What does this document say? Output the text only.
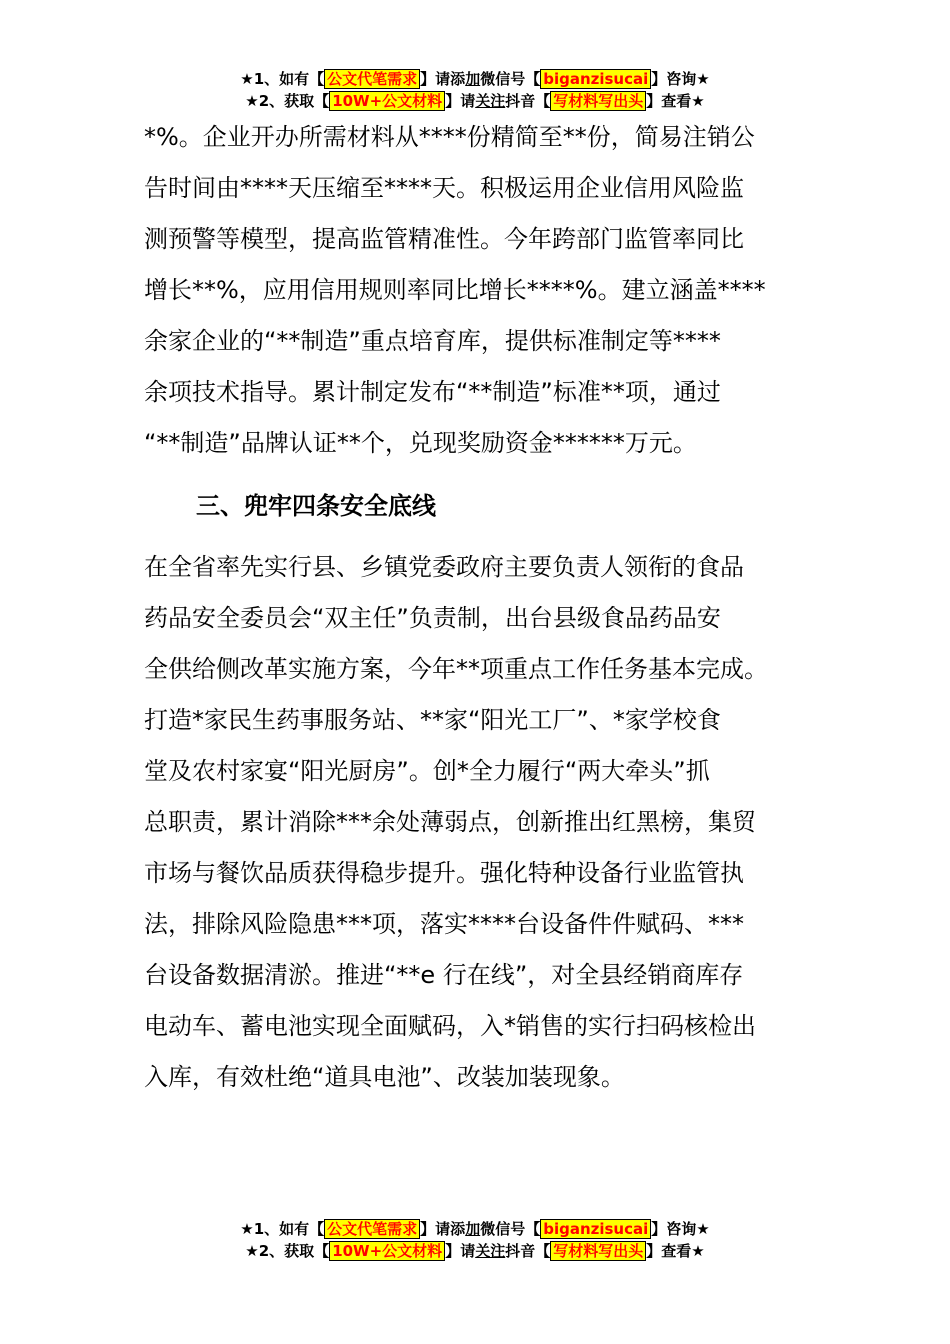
★1、如有【 公文代笔需求 】请添加微信号【 biganzisucai 】咨询★
★2、获取【 10W+公文材料 】请关注抖音【 写材料写出头 】查看★

*%。企业开办所需材料从****份精简至**份，简易注销公

告时间由****天压缩至****天。积极运用企业信用风险监

测预警等模型，提高监管精准性。今年跨部门监管率同比

增长**%，应用信用规则率同比增长****%。建立涵盖****

余家企业的“**制造”重点培育库，提供标准制定等****

余项技术指导。累计制定发布“**制造”标准**项，通过

“**制造”品牌认证**个，兑现奖励资金******万元。

三、兜牢四条安全底线

在全省率先实行县、乡镇党委政府主要负责人领衔的食品

药品安全委员会“双主任”负责制，出台县级食品药品安

全供给侧改革实施方案，今年**项重点工作任务基本完成。

打造*家民生药事服务站、**家“阳光工厂”、*家学校食

堂及农村家宴“阳光厨房”。创*全力履行“两大牵头”抓

总职责，累计消除***余处薄弱点，创新推出红黑榜，集贸

市场与餐饮品质获得稳步提升。强化特种设备行业监管执

法，排除风险隐患***项，落实****台设备件件赋码、***

台设备数据清淤。推进“**e 行在线”，对全县经销商库存

电动车、蓄电池实现全面赋码，入*销售的实行扫码核检出

入库，有效杜绝“道具电池”、改装加装现象。

★1、如有【 公文代笔需求 】请添加微信号【 biganzisucai 】咨询★
★2、获取【 10W+公文材料 】请关注抖音【 写材料写出头 】查看★
